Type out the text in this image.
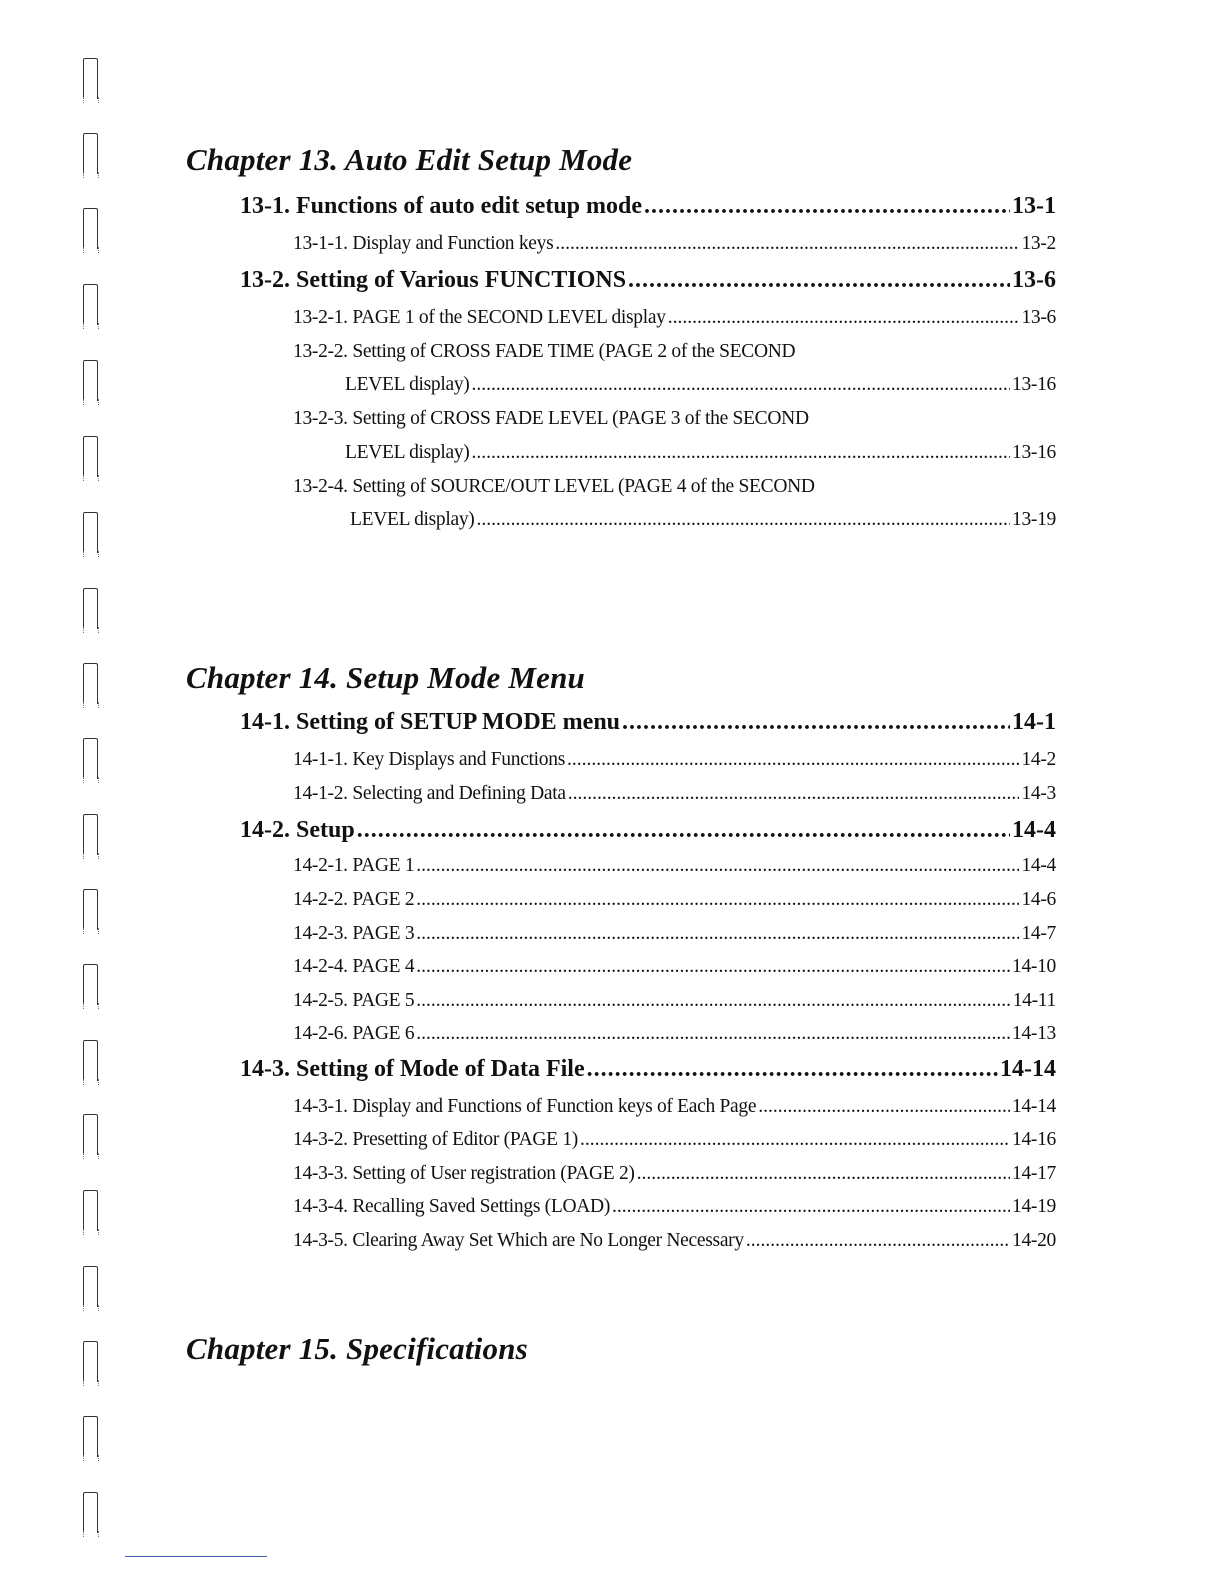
Chapter 13. Auto Edit Setup Mode
13-1. Functions of auto edit setup mode .....	13-1
13-1-1. Display and Function keys .....	13-2
13-2. Setting of Various FUNCTIONS .....	13-6
13-2-1. PAGE 1 of the SECOND LEVEL display .....	13-6
13-2-2. Setting of CROSS FADE TIME (PAGE 2 of the SECOND
LEVEL display) .....	13-16
13-2-3. Setting of CROSS FADE LEVEL (PAGE 3 of the SECOND
LEVEL display) .....	13-16
13-2-4. Setting of SOURCE/OUT LEVEL (PAGE 4 of the SECOND
LEVEL display) .....	13-19
Chapter 14. Setup Mode Menu
14-1. Setting of SETUP MODE menu .....	14-1
14-1-1. Key Displays and Functions .....	14-2
14-1-2. Selecting and Defining Data .....	14-3
14-2. Setup .....	14-4
14-2-1. PAGE 1 .....	14-4
14-2-2. PAGE 2 .....	14-6
14-2-3. PAGE 3 .....	14-7
14-2-4. PAGE 4 .....	14-10
14-2-5. PAGE 5 .....	14-11
14-2-6. PAGE 6 .....	14-13
14-3. Setting of Mode of Data File .....	14-14
14-3-1. Display and Functions of Function keys of Each Page .....	14-14
14-3-2. Presetting of Editor (PAGE 1) .....	14-16
14-3-3. Setting of User registration (PAGE 2) .....	14-17
14-3-4. Recalling Saved Settings (LOAD) .....	14-19
14-3-5. Clearing Away Set Which are No Longer Necessary .....	14-20
Chapter 15. Specifications
